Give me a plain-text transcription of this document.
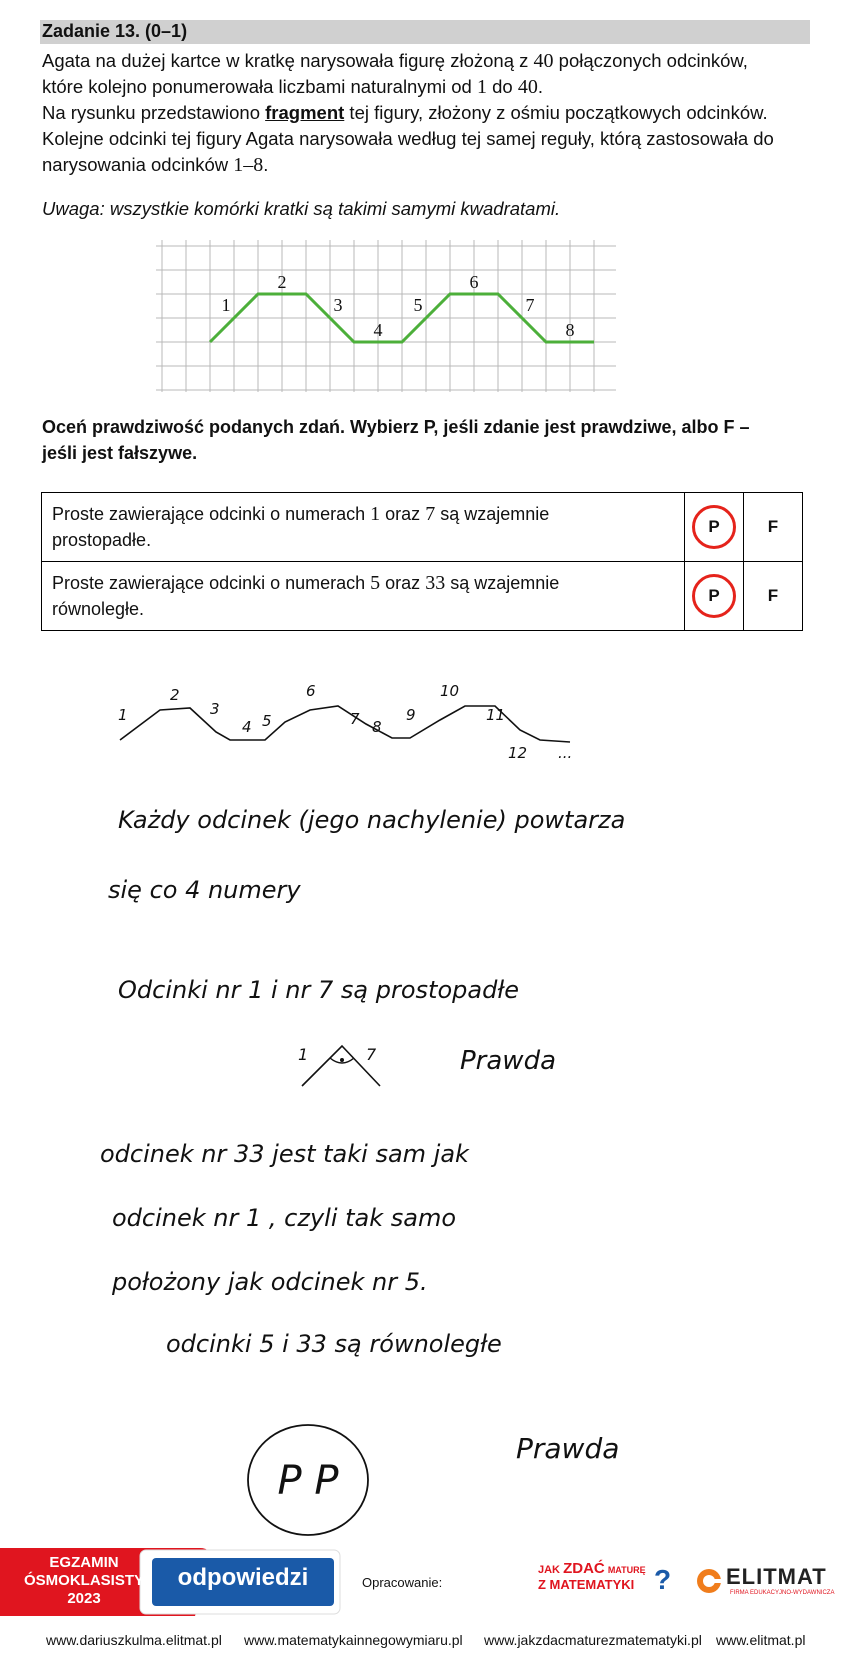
Zadanie 13. (0–1)
Agata na dużej kartce w kratkę narysowała figurę złożoną z 40 połączonych odcinków,
które kolejno ponumerowała liczbami naturalnymi od 1 do 40.
Na rysunku przedstawiono fragment tej figury, złożony z ośmiu początkowych odcinków.
Kolejne odcinki tej figury Agata narysowała według tej samej reguły, którą zastosowała do
narysowania odcinków 1–8.
Uwaga: wszystkie komórki kratki są takimi samymi kwadratami.
1
2
3
4
5
6
7
8
Oceń prawdziwość podanych zdań. Wybierz P, jeśli zdanie jest prawdziwe, albo F –
jeśli jest fałszywe.
Proste zawierające odcinki o numerach 1 oraz 7 są wzajemnie
prostopadłe.	P	F

Proste zawierające odcinki o numerach 5 oraz 33 są wzajemnie
równoległe.	P	F
1
2
3
4 5
6
7 8
9
10
11
12 ...
Każdy odcinek (jego nachylenie) powtarza
się co 4 numery
Odcinki nr 1 i nr 7 są prostopadłe
1	7	Prawda
odcinek nr 33 jest taki sam jak
odcinek nr 1 , czyli tak samo
położony jak odcinek nr 5.
odcinki 5 i 33 są równoległe
P P
Prawda
EGZAMIN
ÓSMOKLASISTY
2023
odpowiedzi	Opracowanie:
JAK ZDAĆ MATURĘ
Z MATEMATYKI ? ELITMAT
FIRMA EDUKACYJNO-WYDAWNICZA
www.dariuszkulma.elitmat.pl www.matematykainnegowymiaru.pl www.jakzdacmaturezmatematyki.pl www.elitmat.pl
